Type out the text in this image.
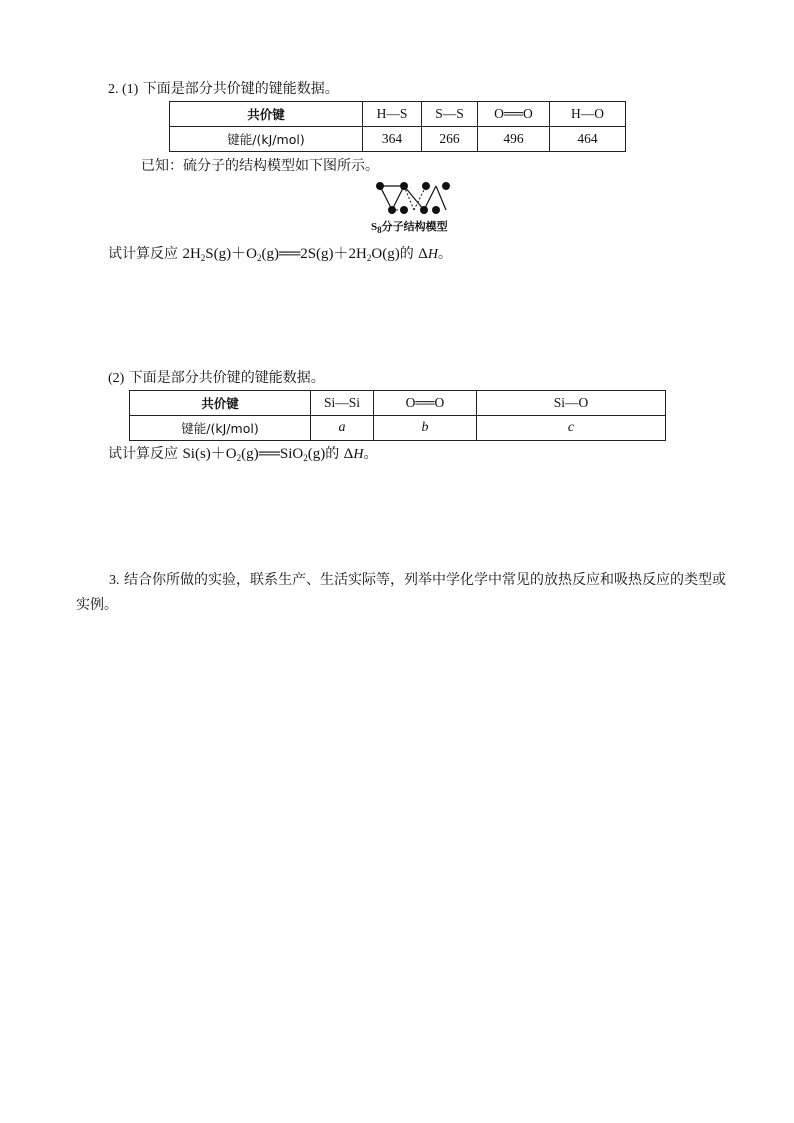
2. (1) 下面是部分共价键的键能数据。
共价键	H—S	S—S	O══O	H—O
键能/(kJ/mol)	364	266	496	464
已知：硫分子的结构模型如下图所示。
$S_8$分子结构模型
试计算反应 $2H_2S(g)+O_2(g)══2S(g)+2H_2O(g)$的 ΔH。
(2) 下面是部分共价键的键能数据。
共价键	Si—Si	O══O	Si—O
键能/(kJ/mol)	a	b	c
试计算反应 $Si(s)+O_2(g)══SiO_2(g)$的 ΔH。
3. 结合你所做的实验，联系生产、生活实际等，列举中学化学中常见的放热反应和吸热反应的类型或实例。
